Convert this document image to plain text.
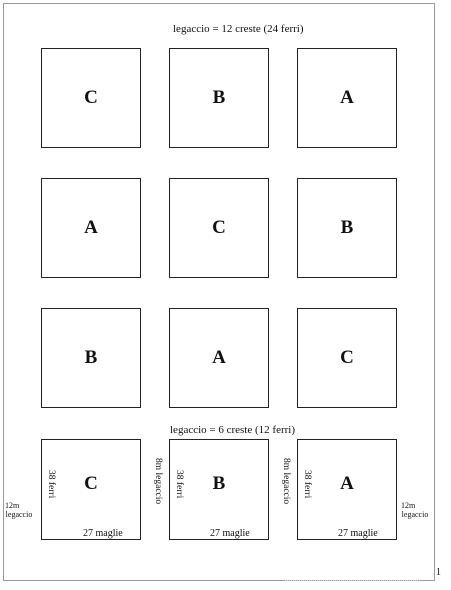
legaccio = 12 creste (24 ferri)
C	B	A
A	C	B
B	A	C
legaccio = 6 creste (12 ferri)
C	B	A
38 ferri	38 ferri	38 ferri
8m legaccio	8m legaccio
27 maglie	27 maglie	27 maglie
12m
legaccio
12m
legaccio
1
